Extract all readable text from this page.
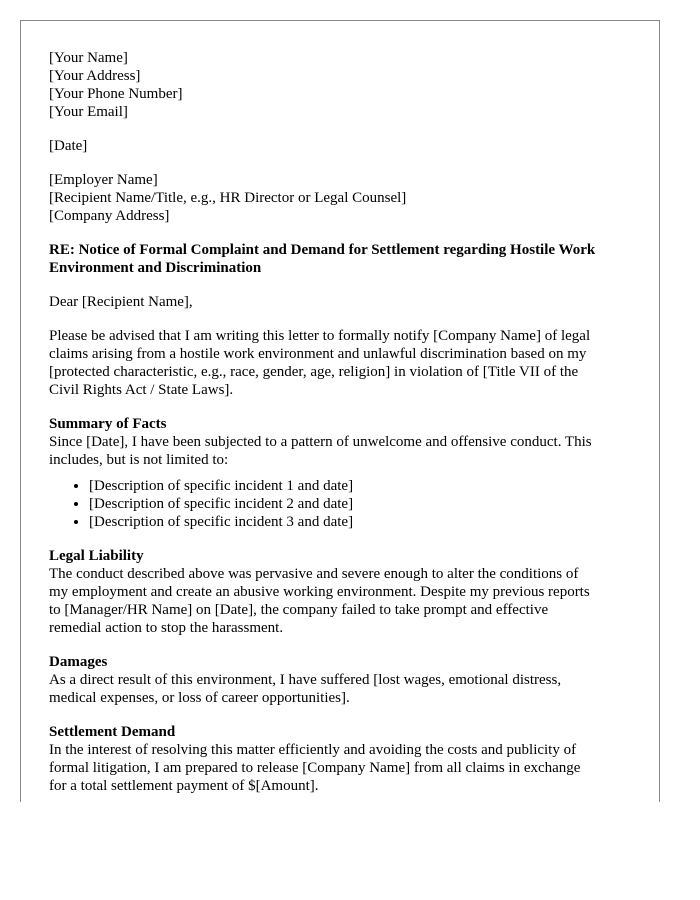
[Your Name]
[Your Address]
[Your Phone Number]
[Your Email]
[Date]
[Employer Name]
[Recipient Name/Title, e.g., HR Director or Legal Counsel]
[Company Address]
RE: Notice of Formal Complaint and Demand for Settlement regarding Hostile Work
Environment and Discrimination
Dear [Recipient Name],
Please be advised that I am writing this letter to formally notify [Company Name] of legal
claims arising from a hostile work environment and unlawful discrimination based on my
[protected characteristic, e.g., race, gender, age, religion] in violation of [Title VII of the
Civil Rights Act / State Laws].
Summary of Facts
Since [Date], I have been subjected to a pattern of unwelcome and offensive conduct. This
includes, but is not limited to:
• [Description of specific incident 1 and date]
• [Description of specific incident 2 and date]
• [Description of specific incident 3 and date]
Legal Liability
The conduct described above was pervasive and severe enough to alter the conditions of
my employment and create an abusive working environment. Despite my previous reports
to [Manager/HR Name] on [Date], the company failed to take prompt and effective
remedial action to stop the harassment.
Damages
As a direct result of this environment, I have suffered [lost wages, emotional distress,
medical expenses, or loss of career opportunities].
Settlement Demand
In the interest of resolving this matter efficiently and avoiding the costs and publicity of
formal litigation, I am prepared to release [Company Name] from all claims in exchange
for a total settlement payment of $[Amount].
